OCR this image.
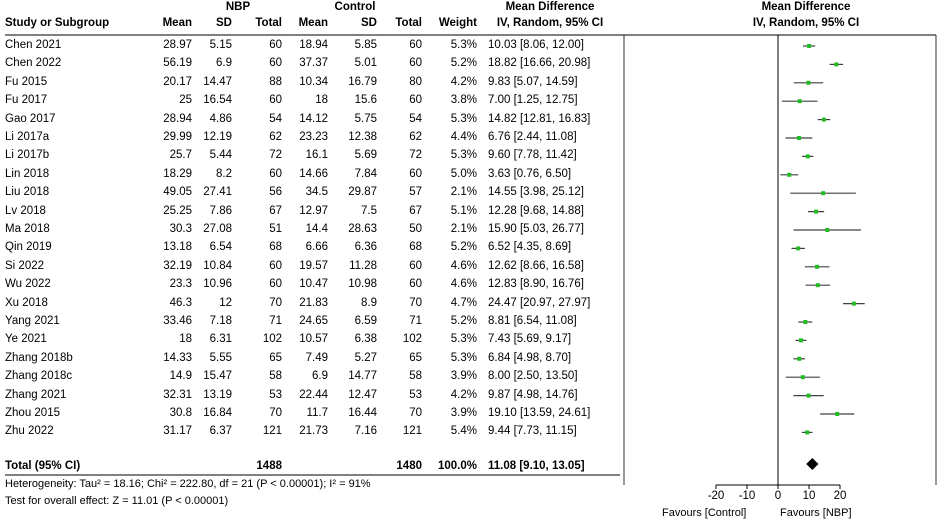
NBP	Control	Mean Difference	Mean Difference
IV, Random, 95% CI
Study or Subgroup	Mean	SD	Total	Mean	SD	Total	Weight	IV, Random, 95% CI
Chen 2021	28.97	5.15	60	18.94	5.85	60	5.3% 10.03 [8.06, 12.00]
Chen 2022	56.19	6.9	60	37.37	5.01	60	5.2% 18.82 [16.66, 20.98]
Fu 2015	20.17 14.47	88	10.34	16.79	80	4.2% 9.83 [5.07, 14.59]
Fu 2017	25 16.54	60	18	15.6	60	3.8% 7.00 [1.25, 12.75]
Gao 2017	28.94	4.86	54	14.12	5.75	54	5.3% 14.82 [12.81, 16.83]
Li 2017a	29.99 12.19	62	23.23	12.38	62	4.4% 6.76 [2.44, 11.08]
Li 2017b	25.7	5.44	72	16.1	5.69	72	5.3% 9.60 [7.78, 11.42]
Lin 2018	18.29	8.2	60	14.66	7.84	60	5.0% 3.63 [0.76, 6.50]
Liu 2018	49.05 27.41	56	34.5	29.87	57	2.1% 14.55 [3.98, 25.12]
Lv 2018	25.25	7.86	67	12.97	7.5	67	5.1% 12.28 [9.68, 14.88]
Ma 2018	30.3 27.08	51	14.4	28.63	50	2.1% 15.90 [5.03, 26.77]
Qin 2019	13.18	6.54	68	6.66	6.36	68	5.2% 6.52 [4.35, 8.69]
Si 2022	32.19 10.84	60	19.57	11.28	60	4.6% 12.62 [8.66, 16.58]
Wu 2022	23.3 10.96	60	10.47	10.98	60	4.6% 12.83 [8.90, 16.76]
Xu 2018	46.3	12	70	21.83	8.9	70	4.7% 24.47 [20.97, 27.97]
Yang 2021	33.46	7.18	71	24.65	6.59	71	5.2% 8.81 [6.54, 11.08]
Ye 2021	18	6.31	102	10.57	6.38	102	5.3% 7.43 [5.69, 9.17]
Zhang 2018b	14.33	5.55	65	7.49	5.27	65	5.3% 6.84 [4.98, 8.70]
Zhang 2018c	14.9 15.47	58	6.9	14.77	58	3.9% 8.00 [2.50, 13.50]
Zhang 2021	32.31 13.19	53	22.44	12.47	53	4.2% 9.87 [4.98, 14.76]
Zhou 2015	30.8 16.84	70	11.7	16.44	70	3.9% 19.10 [13.59, 24.61]
Zhu 2022	31.17	6.37	121	21.73	7.16	121	5.4% 9.44 [7.73, 11.15]
Total (95% CI)	1488	1480	100.0% 11.08 [9.10, 13.05]
Heterogeneity: Tau² = 18.16; Chi² = 222.80, df = 21 (P < 0.00001); I² = 91%
Test for overall effect: Z = 11.01 (P < 0.00001)	-20	-10	0	10	20
Favours [Control]	Favours [NBP]
